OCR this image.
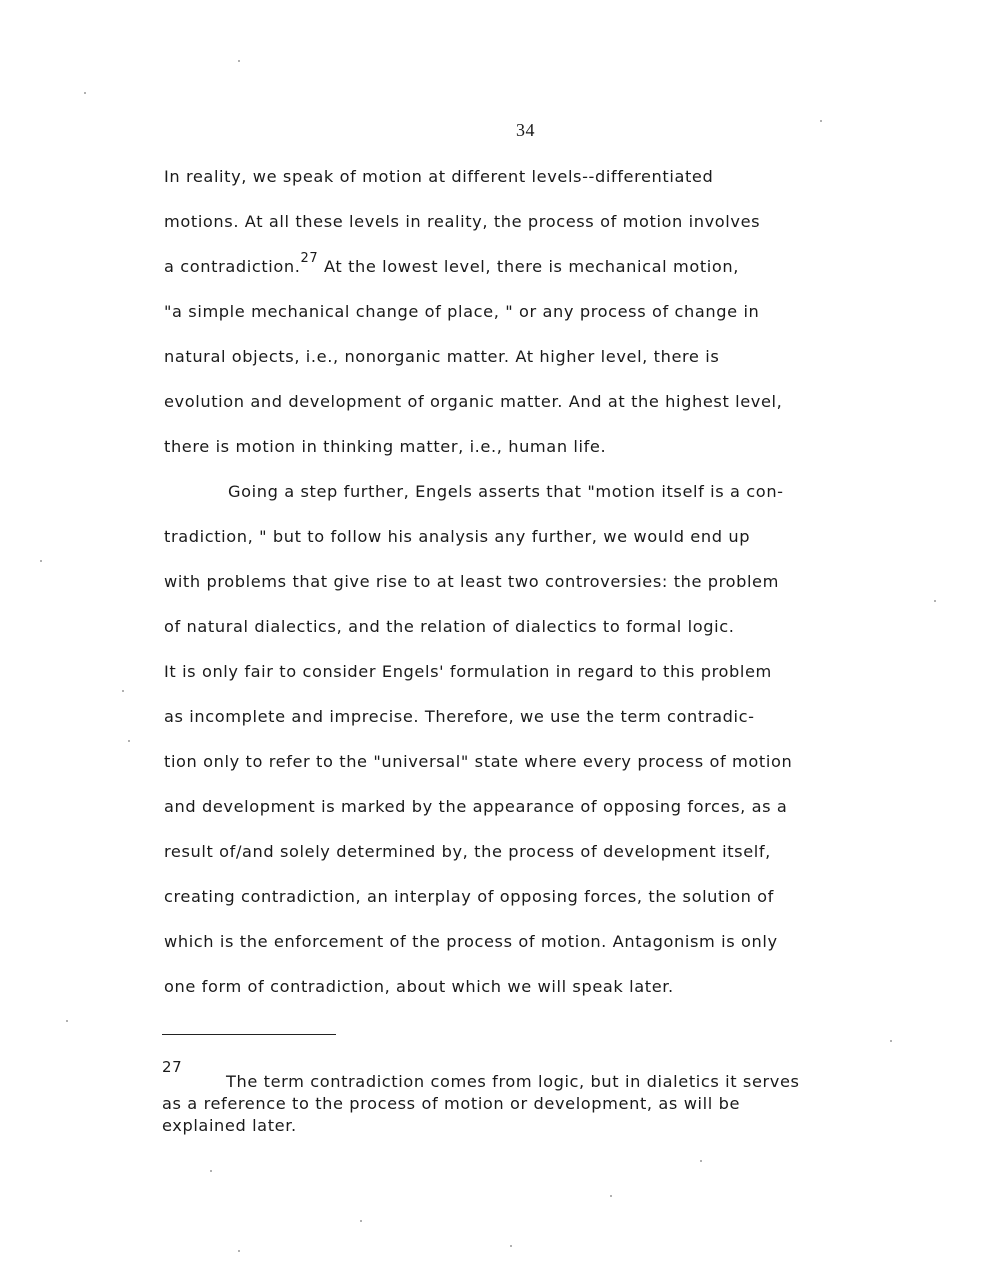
34
In reality, we speak of motion at different levels--differentiated
motions. At all these levels in reality, the process of motion involves
a contradiction.$^{27}$ At the lowest level, there is mechanical motion,
"a simple mechanical change of place, " or any process of change in
natural objects, i.e., nonorganic matter. At higher level, there is
evolution and development of organic matter. And at the highest level,
there is motion in thinking matter, i.e., human life.
Going a step further, Engels asserts that "motion itself is a con-
tradiction, " but to follow his analysis any further, we would end up
with problems that give rise to at least two controversies: the problem
of natural dialectics, and the relation of dialectics to formal logic.
It is only fair to consider Engels' formulation in regard to this problem
as incomplete and imprecise. Therefore, we use the term contradic-
tion only to refer to the "universal" state where every process of motion
and development is marked by the appearance of opposing forces, as a
result of/and solely determined by, the process of development itself,
creating contradiction, an interplay of opposing forces, the solution of
which is the enforcement of the process of motion. Antagonism is only
one form of contradiction, about which we will speak later.
27
The term contradiction comes from logic, but in dialetics it serves
as a reference to the process of motion or development, as will be
explained later.
